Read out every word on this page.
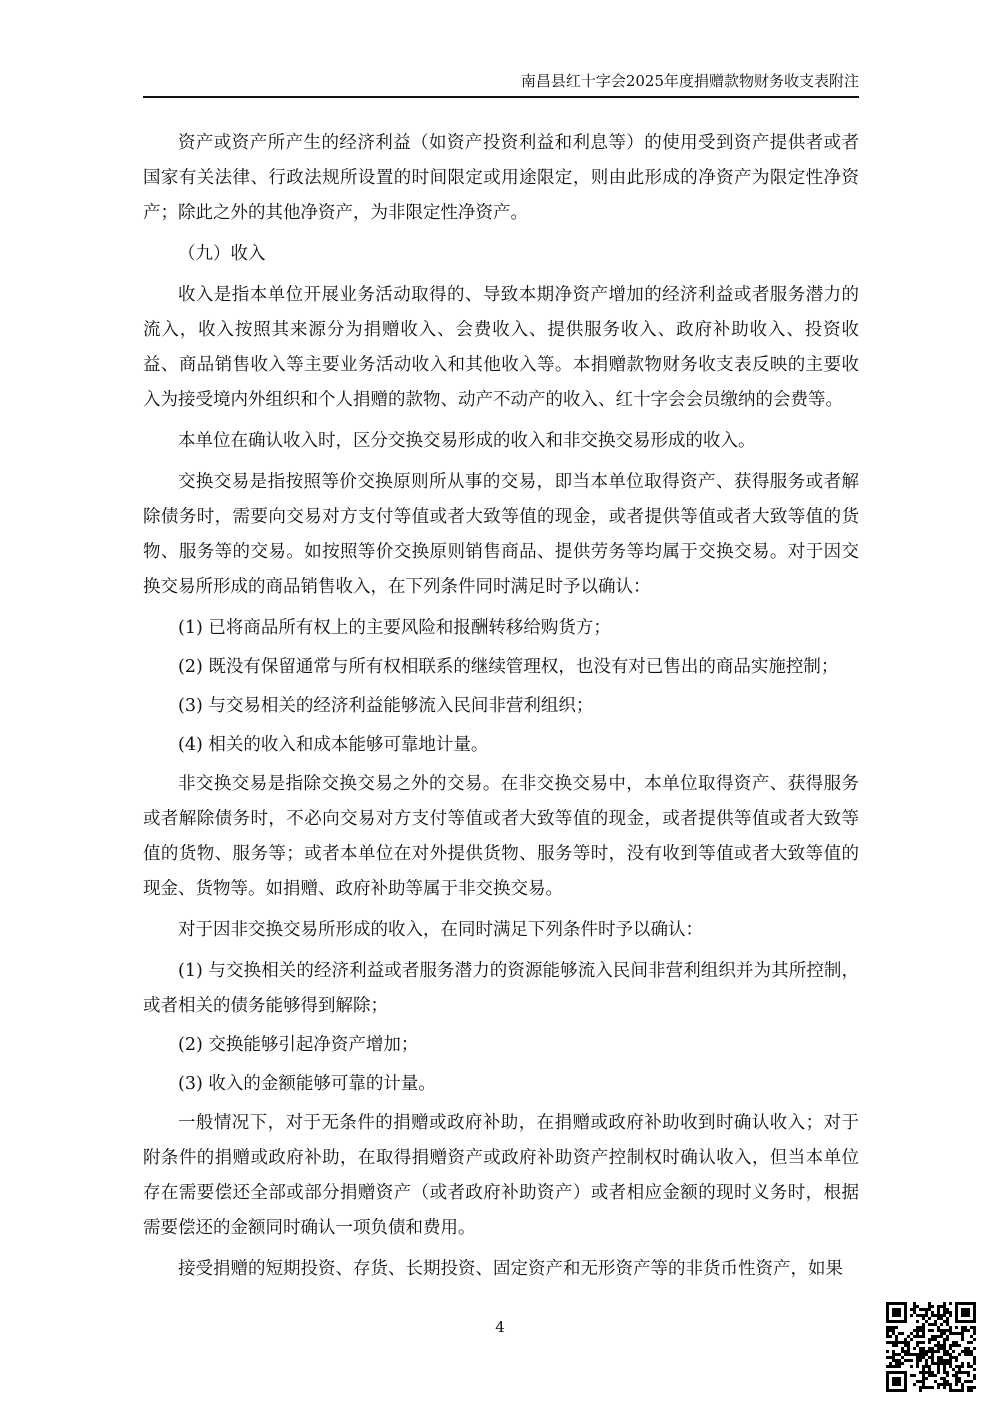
南昌县红十字会2025年度捐赠款物财务收支表附注

资产或资产所产生的经济利益（如资产投资利益和利息等）的使用受到资产提供者或者国家有关法律、行政法规所设置的时间限定或用途限定，则由此形成的净资产为限定性净资产；除此之外的其他净资产，为非限定性净资产。

（九）收入

收入是指本单位开展业务活动取得的、导致本期净资产增加的经济利益或者服务潜力的流入，收入按照其来源分为捐赠收入、会费收入、提供服务收入、政府补助收入、投资收益、商品销售收入等主要业务活动收入和其他收入等。本捐赠款物财务收支表反映的主要收入为接受境内外组织和个人捐赠的款物、动产不动产的收入、红十字会会员缴纳的会费等。

本单位在确认收入时，区分交换交易形成的收入和非交换交易形成的收入。

交换交易是指按照等价交换原则所从事的交易，即当本单位取得资产、获得服务或者解除债务时，需要向交易对方支付等值或者大致等值的现金，或者提供等值或者大致等值的货物、服务等的交易。如按照等价交换原则销售商品、提供劳务等均属于交换交易。对于因交换交易所形成的商品销售收入，在下列条件同时满足时予以确认：

(1) 已将商品所有权上的主要风险和报酬转移给购货方；

(2) 既没有保留通常与所有权相联系的继续管理权，也没有对已售出的商品实施控制；

(3) 与交易相关的经济利益能够流入民间非营利组织；

(4) 相关的收入和成本能够可靠地计量。

非交换交易是指除交换交易之外的交易。在非交换交易中，本单位取得资产、获得服务或者解除债务时，不必向交易对方支付等值或者大致等值的现金，或者提供等值或者大致等值的货物、服务等；或者本单位在对外提供货物、服务等时，没有收到等值或者大致等值的现金、货物等。如捐赠、政府补助等属于非交换交易。

对于因非交换交易所形成的收入，在同时满足下列条件时予以确认：

(1) 与交换相关的经济利益或者服务潜力的资源能够流入民间非营利组织并为其所控制，或者相关的债务能够得到解除；

(2) 交换能够引起净资产增加；

(3) 收入的金额能够可靠的计量。

一般情况下，对于无条件的捐赠或政府补助，在捐赠或政府补助收到时确认收入；对于附条件的捐赠或政府补助，在取得捐赠资产或政府补助资产控制权时确认收入，但当本单位存在需要偿还全部或部分捐赠资产（或者政府补助资产）或者相应金额的现时义务时，根据需要偿还的金额同时确认一项负债和费用。

接受捐赠的短期投资、存货、长期投资、固定资产和无形资产等的非货币性资产，如果

4
